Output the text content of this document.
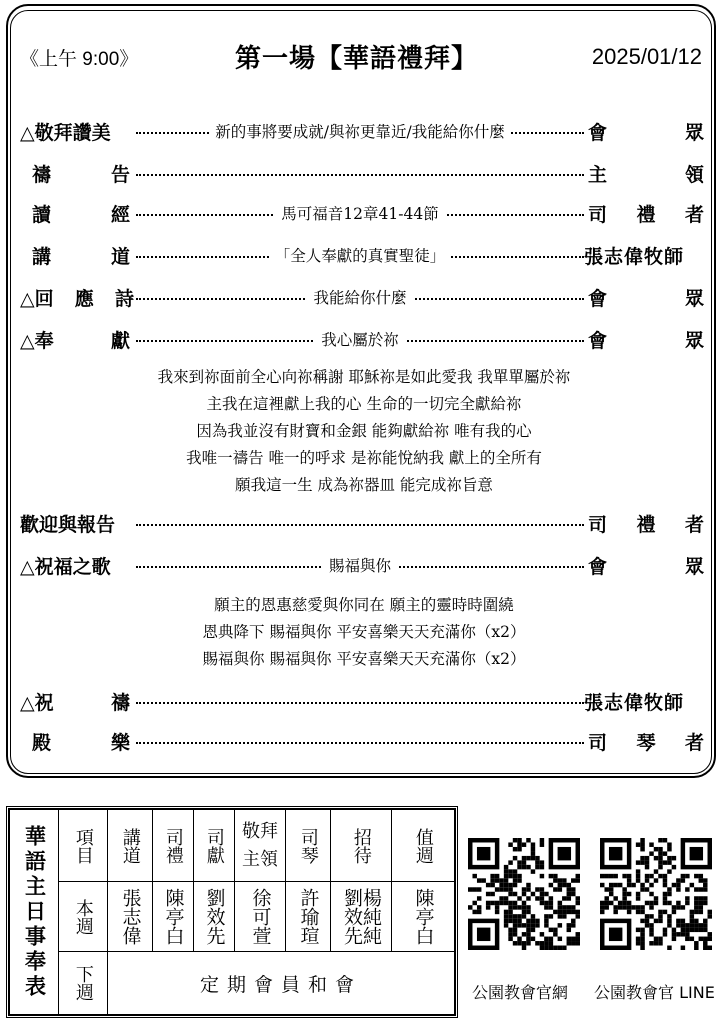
《上午 9:00》	第一場【華語禮拜】	2025/01/12
△敬拜讚美	新的事將要成就/與祢更靠近/我能給你什麼	會	眾
禱	告	主	領
讀	經	馬可福音12章41-44節	司 禮 者
講	道	「全人奉獻的真實聖徒」	張志偉牧師
△回 應 詩	我能給你什麼	會	眾
△奉	獻	我心屬於祢	會	眾
歡迎與報告	司 禮 者
△祝福之歌	賜福與你	會	眾
△祝	禱	張志偉牧師
殿	樂	司 琴 者
我來到祢面前全心向祢稱謝 耶穌祢是如此愛我 我單單屬於祢
主我在這裡獻上我的心 生命的一切完全獻給祢
因為我並沒有財寶和金銀 能夠獻給祢 唯有我的心
我唯一禱告 唯一的呼求 是祢能悅納我 獻上的全所有
願我這一生 成為祢器皿 能完成祢旨意
願主的恩惠慈愛與你同在 願主的靈時時圍繞
恩典降下 賜福與你 平安喜樂天天充滿你（x2）
賜福與你 賜福與你 平安喜樂天天充滿你（x2）
華語主日事奉表	項目	講道	司禮	司獻	敬拜主領	司琴	招待	值週

	本週	張志偉	陳亭白	劉效先	徐可萱	許瑜瑄	楊純純 劉效先	陳亭白

	下週	定期會員和會							公園教會官網 公園教會官 LINE
